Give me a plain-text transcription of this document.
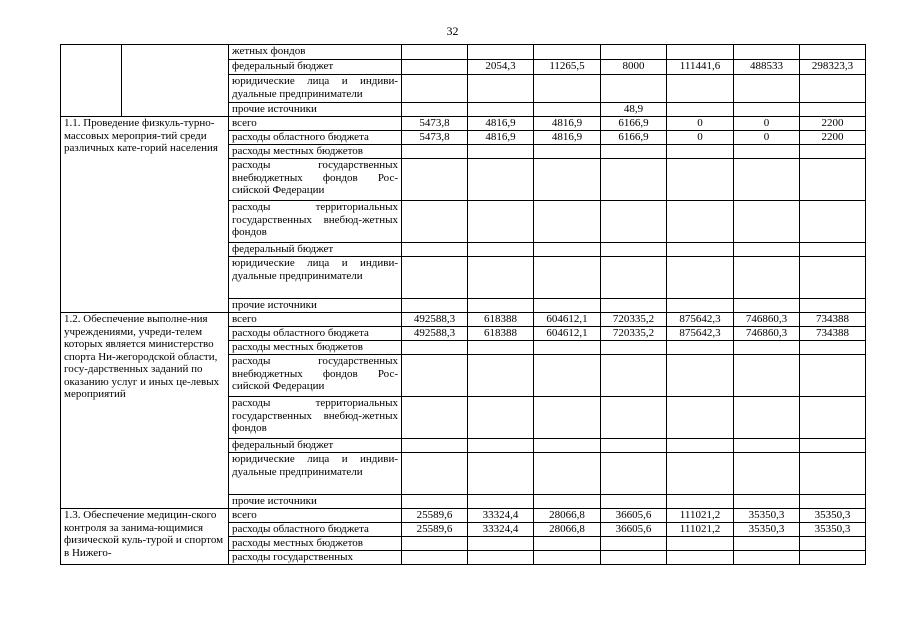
32
		жетных фондов							
		федеральный бюджет		2054,3	11265,5	8000	111441,6	488533	298323,3
		юридические лица и индиви-дуальные предприниматели							
		прочие источники				48,9			
1.1. Проведение физкуль-турно-массовых мероприя-тий среди различных кате-горий населения		всего	5473,8	4816,9	4816,9	6166,9	0	0	2200
		расходы областного бюджета	5473,8	4816,9	4816,9	6166,9	0	0	2200
		расходы местных бюджетов							
		расходы государственных внебюджетных фондов Рос-сийской Федерации							
		расходы территориальных государственных внебюд-жетных фондов							
		федеральный бюджет							
		юридические лица и индиви-дуальные предприниматели							
		прочие источники							
1.2. Обеспечение выполне-ния учреждениями, учреди-телем которых является министерство спорта Ни-жегородской области, госу-дарственных заданий по оказанию услуг и иных це-левых мероприятий		всего	492588,3	618388	604612,1	720335,2	875642,3	746860,3	734388
		расходы областного бюджета	492588,3	618388	604612,1	720335,2	875642,3	746860,3	734388
		расходы местных бюджетов							
		расходы государственных внебюджетных фондов Рос-сийской Федерации							
		расходы территориальных государственных внебюд-жетных фондов							
		федеральный бюджет							
		юридические лица и индиви-дуальные предприниматели							
		прочие источники							
1.3. Обеспечение медицин-ского контроля за занима-ющимися физической куль-турой и спортом в Нижего-		всего	25589,6	33324,4	28066,8	36605,6	111021,2	35350,3	35350,3
		расходы областного бюджета	25589,6	33324,4	28066,8	36605,6	111021,2	35350,3	35350,3
		расходы местных бюджетов							
		расходы государственных							
